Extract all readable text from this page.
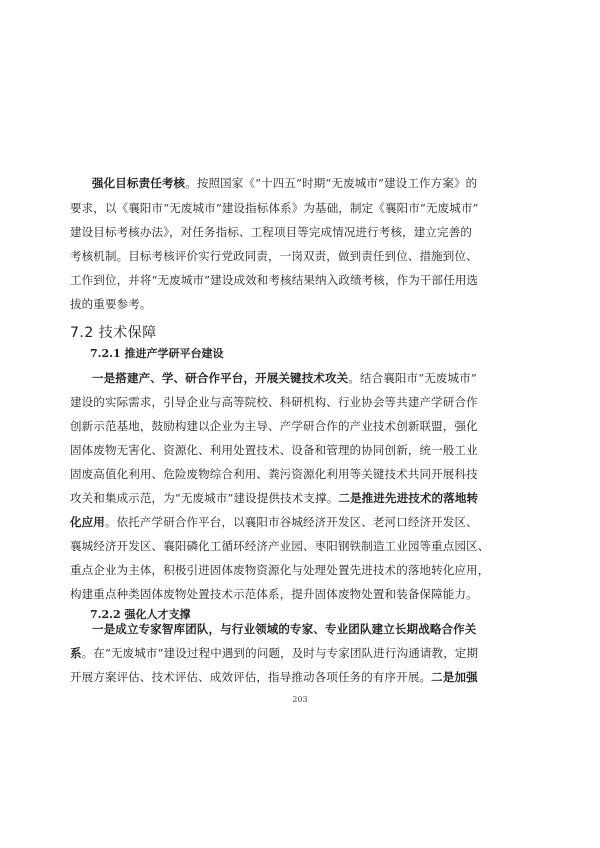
强化目标责任考核。按照国家《“十四五”时期“无废城市”建设工作方案》的
要求，以《襄阳市“无废城市”建设指标体系》为基础，制定《襄阳市“无废城市”
建设目标考核办法》，对任务指标、工程项目等完成情况进行考核，建立完善的
考核机制。目标考核评价实行党政同责，一岗双责，做到责任到位、措施到位、
工作到位，并将“无废城市”建设成效和考核结果纳入政绩考核，作为干部任用选
拔的重要参考。
7.2 技术保障
7.2.1 推进产学研平台建设
一是搭建产、学、研合作平台，开展关键技术攻关。结合襄阳市“无废城市”
建设的实际需求，引导企业与高等院校、科研机构、行业协会等共建产学研合作
创新示范基地，鼓励构建以企业为主导、产学研合作的产业技术创新联盟，强化
固体废物无害化、资源化、利用处置技术、设备和管理的协同创新，统一般工业
固废高值化利用、危险废物综合利用、粪污资源化利用等关键技术共同开展科技
攻关和集成示范，为“无废城市”建设提供技术支撑。二是推进先进技术的落地转
化应用。依托产学研合作平台，以襄阳市谷城经济开发区、老河口经济开发区、
襄城经济开发区、襄阳磷化工循环经济产业园、枣阳钢铁制造工业园等重点园区、
重点企业为主体，积极引进固体废物资源化与处理处置先进技术的落地转化应用，
构建重点种类固体废物处置技术示范体系，提升固体废物处置和装备保障能力。
7.2.2 强化人才支撑
一是成立专家智库团队，与行业领域的专家、专业团队建立长期战略合作关
系。在“无废城市”建设过程中遇到的问题，及时与专家团队进行沟通请教，定期
开展方案评估、技术评估、成效评估，指导推动各项任务的有序开展。二是加强
203
